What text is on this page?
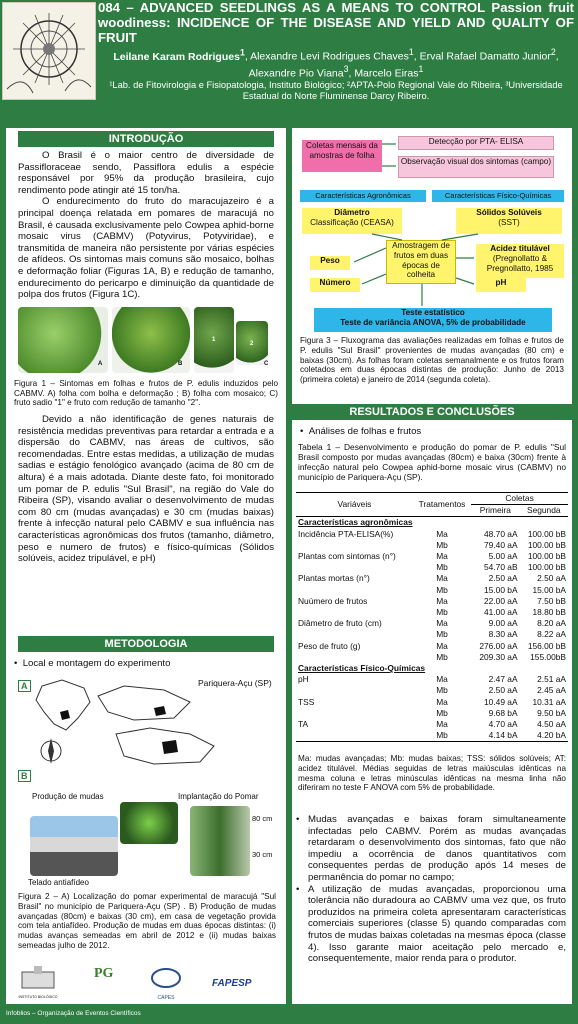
084 – ADVANCED SEEDLINGS AS A MEANS TO CONTROL Passion fruit woodiness: INCIDENCE OF THE DISEASE AND YIELD AND QUALITY OF FRUIT
Leilane Karam Rodrigues$^1$, Alexandre Levi Rodrigues Chaves$^1$, Erval Rafael Damatto Junior$^2$, Alexandre Pio Viana$^3$, Marcelo Eiras$^1$
¹Lab. de Fitovirologia e Fisiopatologia, Instituto Biológico; ²APTA-Polo Regional Vale do Ribeira, ³Universidade Estadual do Norte Fluminense Darcy Ribeiro.
INTRODUÇÃO
O Brasil é o maior centro de diversidade de Passifloraceae sendo, Passiflora edulis a espécie responsável por 95% da produção brasileira, cujo rendimento pode atingir até 15 ton/ha.
O endurecimento do fruto do maracujazeiro é a principal doença relatada em pomares de maracujá no Brasil, é causada exclusivamente pelo Cowpea aphid-borne mosaic virus (CABMV) (Potyvirus, Potyviridae), e transmitida de maneira não persistente por várias espécies de afídeos. Os sintomas mais comuns são mosaico, bolhas e deformação foliar (Figuras 1A, B) e redução de tamanho, endurecimento do pericarpo e diminuição da quantidade de polpa dos frutos (Figura 1C).
A	B
1
2
C
Figura 1 – Sintomas em folhas e frutos de P. edulis induzidos pelo CABMV. A) folha com bolha e deformação ; B) folha com mosaico; C) fruto sadio "1" e fruto com redução de tamanho "2".
Devido a não identificação de genes naturais de resistência medidas preventivas para retardar a entrada e a dispersão do CABMV, nas áreas de cultivos, são recomendadas. Entre estas medidas, a utilização de mudas sadias e estágio fenológico avançado (acima de 80 cm de altura) é a mais adotada. Diante deste fato, foi monitorado um pomar de P. edulis "Sul Brasil", na região do Vale do Ribeira (SP), visando avaliar o desenvolvimento de mudas com 80 cm (mudas avançadas) e 30 cm (mudas baixas) frente à infecção natural pelo CABMV e sua influência nas características agronômicas dos frutos (tamanho, diâmetro, peso e numero de frutos) e físico-químicas (Sólidos solúveis, acidez tripulável, e pH)
METODOLOGIA
•  Local e montagem do experimento
A	Pariquera-Açu (SP)
B
Produção de mudas	Implantação do Pomar
80 cm
30 cm
Telado antiafídeo
Figura 2 – A) Localização do pomar experimental de maracujá "Sul Brasil" no município de Pariquera-Açu (SP) . B) Produção de mudas avançadas (80cm) e baixas (30 cm), em casa de vegetação provida com tela antiafídeo. Produção de mudas em duas épocas distintas: (i) mudas avanças semeadas em abril de 2012 e (ii) mudas baixas semeadas julho de 2012.
INSTITUTO BIOLÓGICO
PG
CAPES
FAPESP
Coletas mensais da amostras de folha
Detecção por PTA- ELISA
Observação visual dos sintomas (campo)
Características Agronômicas	Características Físico-Químicas
Diâmetro
Classificação (CEASA)
Sólidos Solúveis
(SST)
Amostragem de frutos em duas épocas de colheita
Peso
Número
Acidez titulável
(Pregnollatto & Pregnollatto, 1985
pH
Teste estatístico
Teste de variância ANOVA, 5% de probabilidade
Figura 3 – Fluxograma das avaliações realizadas em folhas e frutos de P. edulis "Sul Brasil" provenientes de mudas avançadas (80 cm) e baixas (30cm). As folhas foram coletas semanalmente e os frutos foram coletados em duas épocas distintas de produção: Junho de 2013 (primeira coleta) e janeiro de 2014 (segunda coleta).
RESULTADOS E CONCLUSÕES
•  Análises de folhas e frutos
Tabela 1 – Desenvolvimento e produção do pomar de P. edulis "Sul Brasil composto por mudas avançadas (80cm) e baixa (30cm) frente à infecção natural pelo Cowpea aphid-borne mosaic virus (CABMV) no município de Pariquera-Açu (SP).
Variáveis	Tratamentos	Coletas	
		Primeira	Segunda
Características agronômicas			
Incidência PTA-ELISA(%)	Ma	48.70 aA	100.00 bB
	Mb	79.40 aA	100.00 bB
Plantas com sintomas (n°)	Ma	5.00 aA	100.00 bB
	Mb	54.70 aB	100.00 bB
Plantas mortas (n°)	Ma	2.50 aA	2.50 aA
	Mb	15.00 bA	15.00 bA
Nuúmero de frutos	Ma	22.00 aA	7.50 bB
	Mb	41.00 aA	18.80 bB
Diâmetro de fruto (cm)	Ma	9.00 aA	8.20 aA
	Mb	8.30 aA	8.22 aA
Peso de fruto (g)	Ma	276.00 aA	156.00 bB
	Mb	209.30 aA	155.00bB
Características Físico-Químicas			
pH	Ma	2.47 aA	2.51 aA
	Mb	2.50 aA	2.45 aA
TSS	Ma	10.49 aA	10.31 aA
	Mb	9.68 bA	9.50 bA
TA	Ma	4.70 aA	4.50 aA
	Mb	4.14 bA	4.20 bA
Ma: mudas avançadas; Mb: mudas baixas; TSS: sólidos solúveis; AT: acidez titulável. Médias seguidas de letras maiúsculas idênticas na mesma coluna e letras minúsculas idênticas na mesma linha não diferiram no teste F ANOVA com 5% de probabilidade.
• Mudas avançadas e baixas foram simultaneamente infectadas pelo CABMV. Porém as mudas avançadas retardaram o desenvolvimento dos sintomas, fato que não impediu a ocorrência de danos quantitativos com consequentes perdas de produção após 14 meses de permanência do pomar no campo;
• A utilização de mudas avançadas, proporcionou uma tolerância não duradoura ao CABMV uma vez que, os fruto produzidos na primeira coleta apresentaram características comerciais superiores (classe 5) quando comparadas com frutos de mudas baixas coletadas na mesmas época (classe 4). Isso garante maior aceitação pelo mercado e, consequentemente, maior renda para o produtor.
Infoblios – Organização de Eventos Científicos
